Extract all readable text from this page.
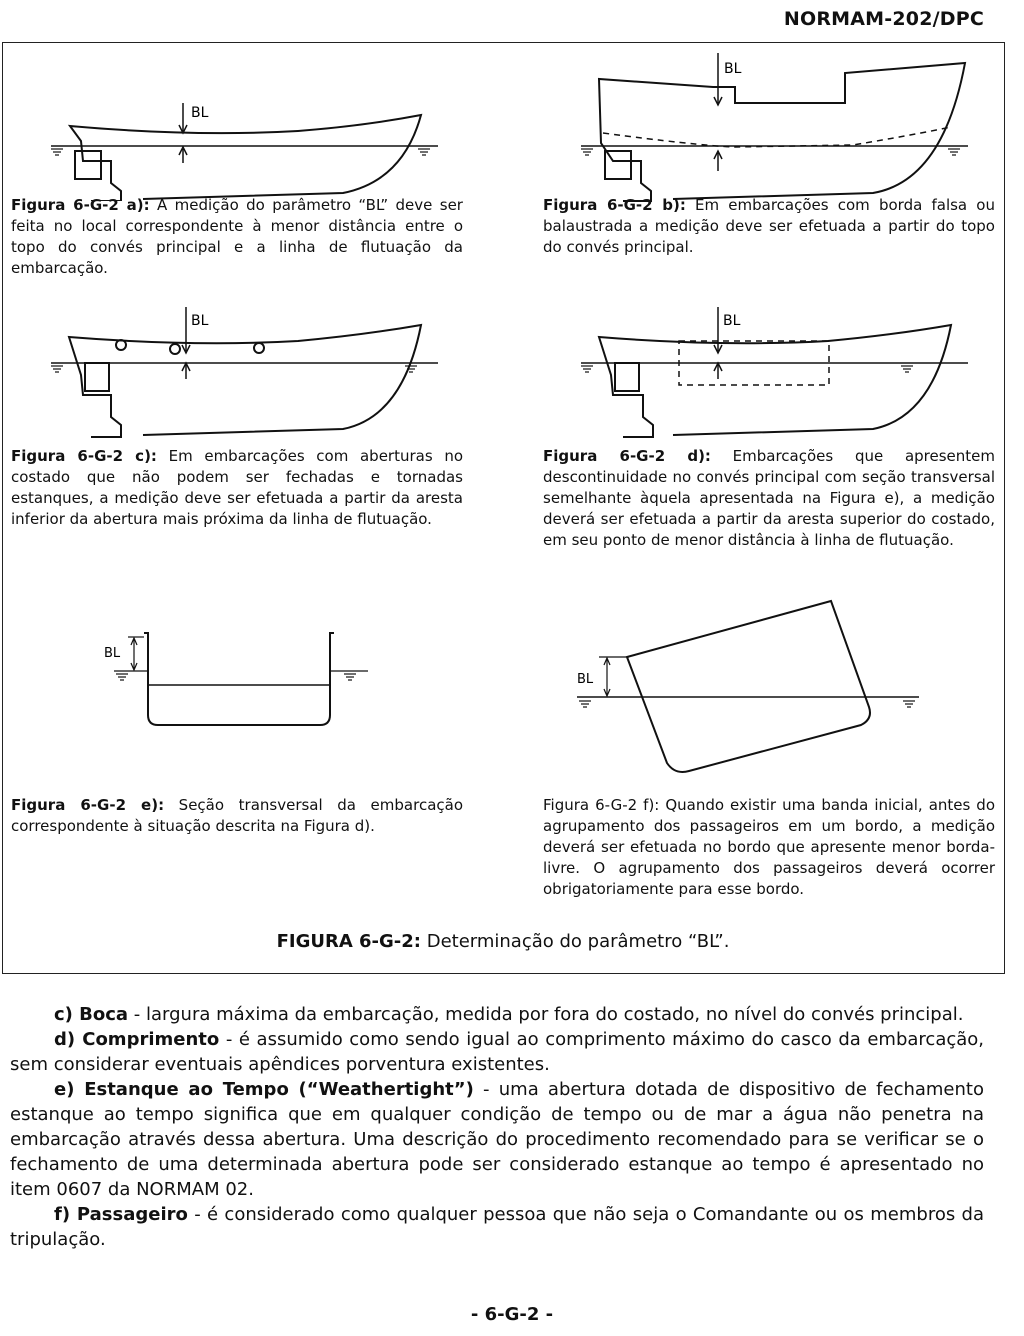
NORMAM-202/DPC
BL
BL
Figura 6-G-2 a): A medição do parâmetro “BL” deve ser feita no local correspondente à menor distância entre o topo do convés principal e a linha de flutuação da embarcação.
Figura 6-G-2 b): Em embarcações com borda falsa ou balaustrada a medição deve ser efetuada a partir do topo do convés principal.
BL	BL
Figura 6-G-2 c): Em embarcações com aberturas no costado que não podem ser fechadas e tornadas estanques, a medição deve ser efetuada a partir da aresta inferior da abertura mais próxima da linha de flutuação.
Figura 6-G-2 d): Embarcações que apresentem descontinuidade no convés principal com seção transversal semelhante àquela apresentada na Figura e), a medição deverá ser efetuada a partir da aresta superior do costado, em seu ponto de menor distância à linha de flutuação.
BL
BL
Figura 6-G-2 e): Seção transversal da embarcação correspondente à situação descrita na Figura d).
Figura 6-G-2 f): Quando existir uma banda inicial, antes do agrupamento dos passageiros em um bordo, a medição deverá ser efetuada no bordo que apresente menor borda-livre. O agrupamento dos passageiros deverá ocorrer obrigatoriamente para esse bordo.
FIGURA 6-G-2: Determinação do parâmetro “BL”.

c) Boca - largura máxima da embarcação, medida por fora do costado, no nível do convés principal.

d) Comprimento - é assumido como sendo igual ao comprimento máximo do casco da embarcação, sem considerar eventuais apêndices porventura existentes.

e) Estanque ao Tempo (“Weathertight”) - uma abertura dotada de dispositivo de fechamento estanque ao tempo significa que em qualquer condição de tempo ou de mar a água não penetra na embarcação através dessa abertura. Uma descrição do procedimento recomendado para se verificar se o fechamento de uma determinada abertura pode ser considerado estanque ao tempo é apresentado no item 0607 da NORMAM 02.

f) Passageiro - é considerado como qualquer pessoa que não seja o Comandante ou os membros da tripulação.

- 6-G-2 -
